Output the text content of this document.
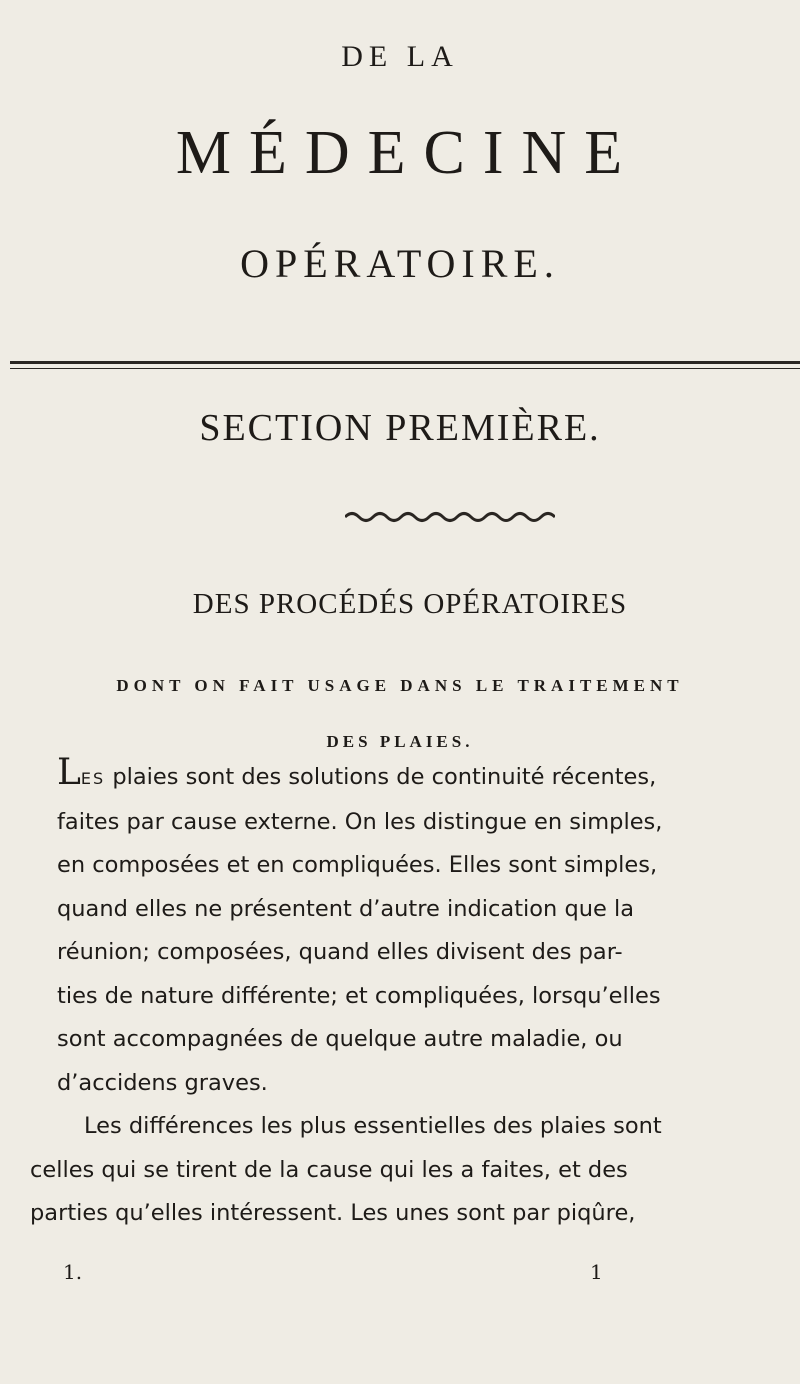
DE LA
MÉDECINE
OPÉRATOIRE.
SECTION PREMIÈRE.
DES PROCÉDÉS OPÉRATOIRES
DONT ON FAIT USAGE DANS LE TRAITEMENT
DES PLAIES.
LES plaies sont des solutions de continuité récentes,
faites par cause externe. On les distingue en simples,
en composées et en compliquées. Elles sont simples,
quand elles ne présentent d’autre indication que la
réunion; composées, quand elles divisent des par-
ties de nature différente; et compliquées, lorsqu’elles
sont accompagnées de quelque autre maladie, ou
d’accidens graves.
Les différences les plus essentielles des plaies sont
celles qui se tirent de la cause qui les a faites, et des
parties qu’elles intéressent. Les unes sont par piqûre,
1.	1
